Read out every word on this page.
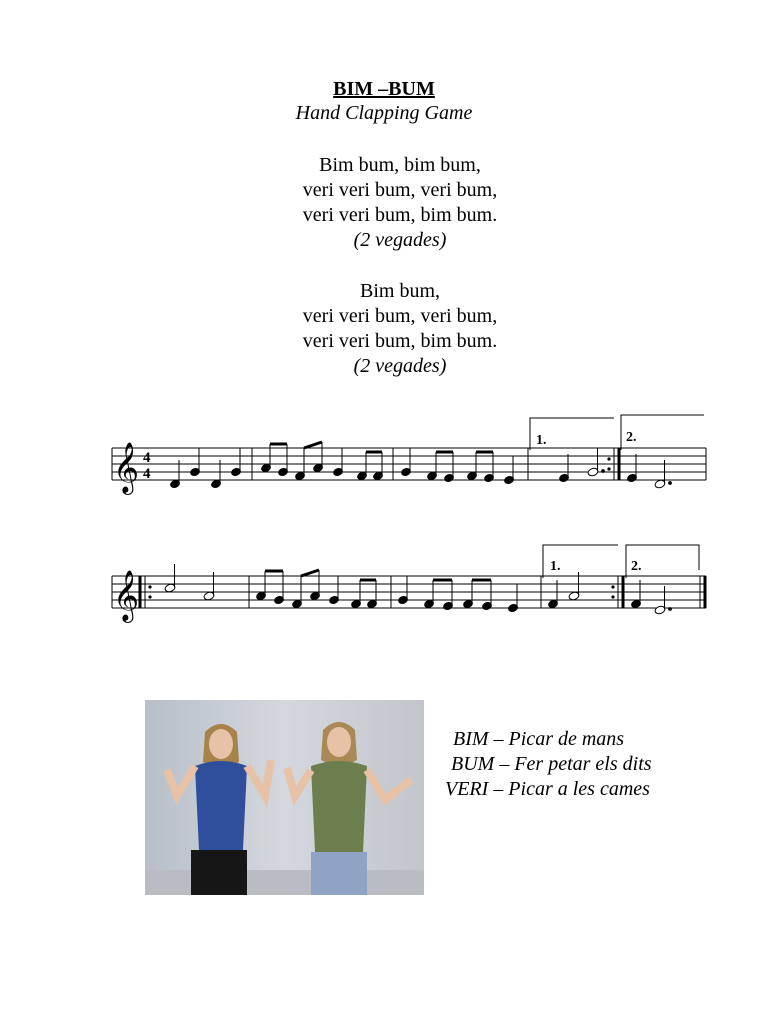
BIM –BUM
Hand Clapping Game
Bim bum, bim bum,
veri veri bum, veri bum,
veri veri bum, bim bum.
(2 vegades)
Bim bum,
veri veri bum, veri bum,
veri veri bum, bim bum.
(2 vegades)
𝄞 4
4
1.	2.
𝄞
1.	2.
BIM – Picar de mans
BUM – Fer petar els dits
VERI – Picar a les cames
